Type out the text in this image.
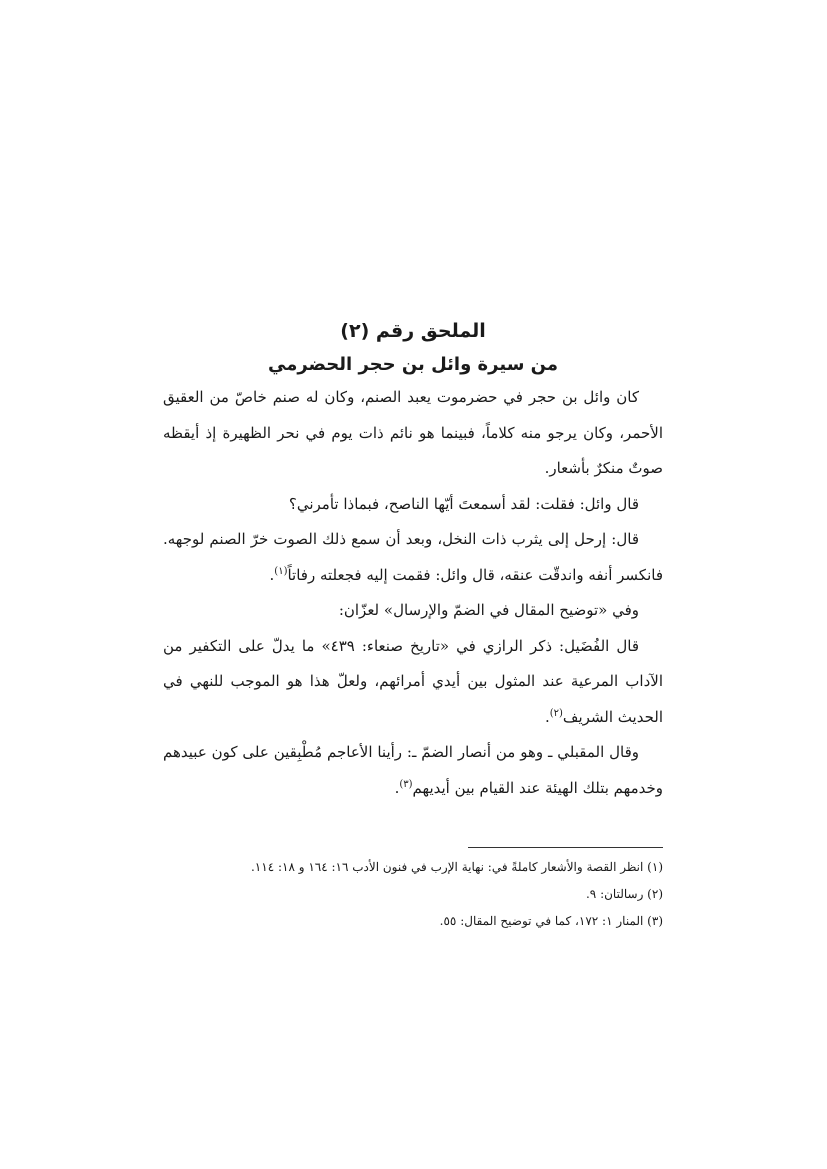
الملحق رقم (٢)
من سيرة وائل بن حجر الحضرمي

كان وائل بن حجر في حضرموت يعبد الصنم، وكان له صنم خاصّ من العقيق الأحمر، وكان يرجو منه كلاماً، فبينما هو نائم ذات يوم في نحر الظهيرة إذ أيقظه صوتٌ منكرٌ بأشعار.

قال وائل: فقلت: لقد أسمعتَ أيّها الناصح، فبماذا تأمرني؟

قال: إرحل إلى يثرب ذات النخل، وبعد أن سمع ذلك الصوت خرّ الصنم لوجهه. فانكسر أنفه واندقّت عنقه، قال وائل: فقمت إليه فجعلته رفاتاً$^{(١)}$.

وفي «توضيح المقال في الضمّ والإرسال» لعزّان:

قال الفُضَيل: ذكر الرازي في «تاريخ صنعاء: ٤٣٩» ما يدلّ على التكفير من الآداب المرعية عند المثول بين أيدي أمرائهم، ولعلّ هذا هو الموجب للنهي في الحديث الشريف$^{(٢)}$.

وقال المقبلي ـ وهو من أنصار الضمّ ـ: رأينا الأعاجم مُطْبِقين على كون عبيدهم وخدمهم بتلك الهيئة عند القيام بين أيديهم$^{(٣)}$.

(١) انظر القصة والأشعار كاملةً في: نهاية الإرب في فنون الأدب ١٦: ١٦٤ و ١٨: ١١٤.

(٢) رسالتان: ٩.

(٣) المنار ١: ١٧٢، كما في توضيح المقال: ٥٥.
